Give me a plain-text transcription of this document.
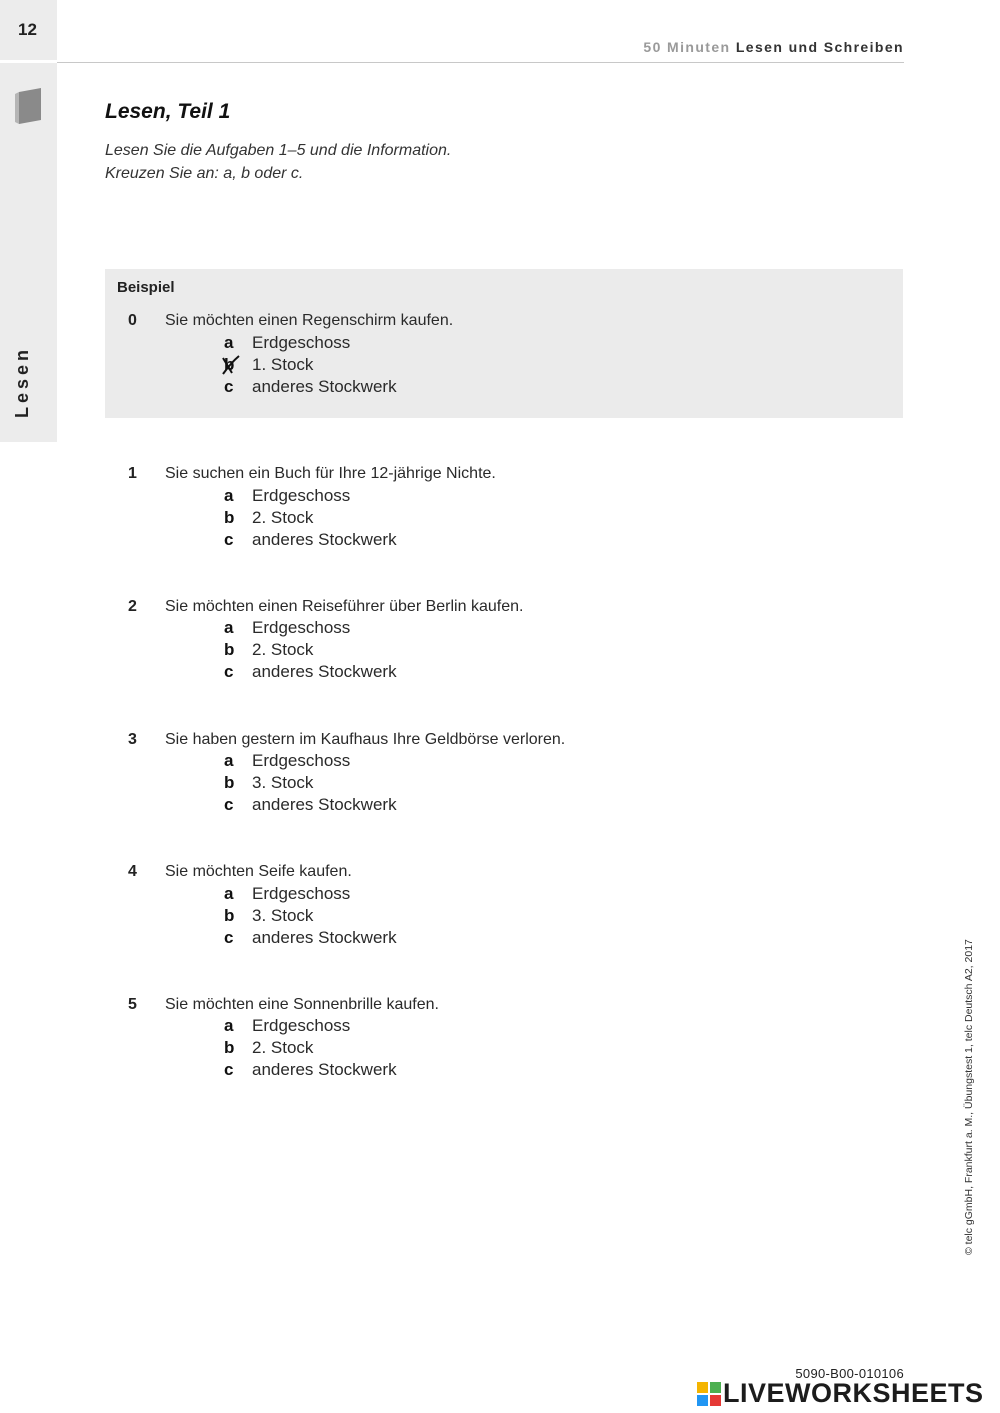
12
Lesen
50 Minuten Lesen und Schreiben
Lesen, Teil 1
Lesen Sie die Aufgaben 1–5 und die Information.
Kreuzen Sie an: a, b oder c.
Beispiel
0 Sie möchten einen Regenschirm kaufen.
a Erdgeschoss
b 1. Stock
c anderes Stockwerk
1 Sie suchen ein Buch für Ihre 12-jährige Nichte.
a Erdgeschoss
b 2. Stock
c anderes Stockwerk
2 Sie möchten einen Reiseführer über Berlin kaufen.
a Erdgeschoss
b 2. Stock
c anderes Stockwerk
3 Sie haben gestern im Kaufhaus Ihre Geldbörse verloren.
a Erdgeschoss
b 3. Stock
c anderes Stockwerk
4 Sie möchten Seife kaufen.
a Erdgeschoss
b 3. Stock
c anderes Stockwerk
5 Sie möchten eine Sonnenbrille kaufen.
a Erdgeschoss
b 2. Stock
c anderes Stockwerk	© telc gGmbH, Frankfurt a. M., Übungstest 1, telc Deutsch A2, 2017
5090-B00-010106
LIVEWORKSHEETS
